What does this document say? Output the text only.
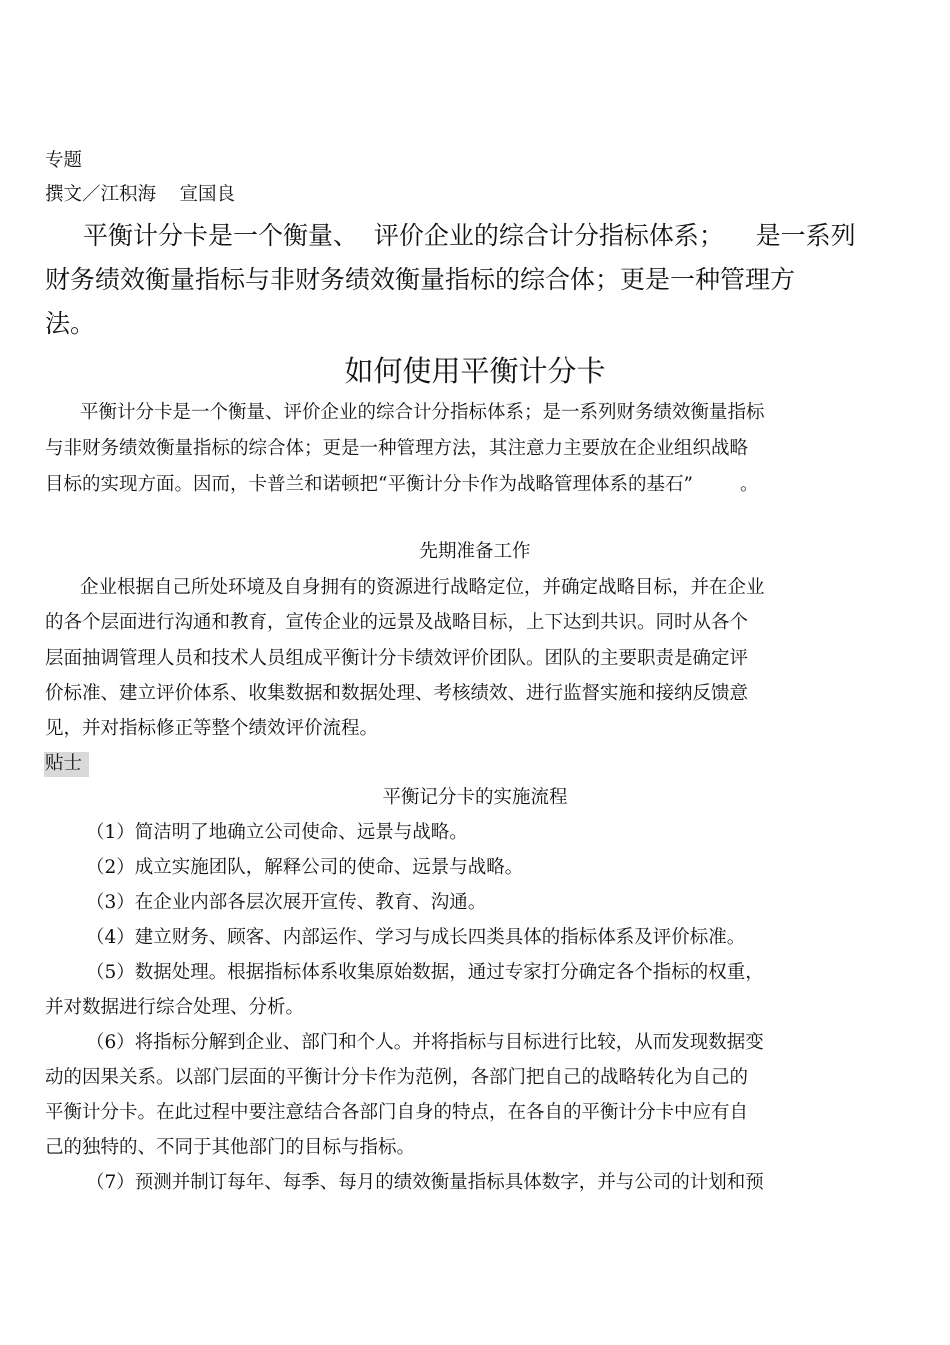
专题
撰文／江积海    宣国良
平衡计分卡是一个衡量、  评价企业的综合计分指标体系；    是一系列
财务绩效衡量指标与非财务绩效衡量指标的综合体；更是一种管理方
法。
如何使用平衡计分卡
平衡计分卡是一个衡量、评价企业的综合计分指标体系；是一系列财务绩效衡量指标
与非财务绩效衡量指标的综合体；更是一种管理方法，其注意力主要放在企业组织战略
目标的实现方面。因而，卡普兰和诺顿把“平衡计分卡作为战略管理体系的基石”        。
先期准备工作
企业根据自己所处环境及自身拥有的资源进行战略定位，并确定战略目标，并在企业
的各个层面进行沟通和教育，宣传企业的远景及战略目标，上下达到共识。同时从各个
层面抽调管理人员和技术人员组成平衡计分卡绩效评价团队。团队的主要职责是确定评
价标准、建立评价体系、收集数据和数据处理、考核绩效、进行监督实施和接纳反馈意
见，并对指标修正等整个绩效评价流程。
贴士
平衡记分卡的实施流程
（1）简洁明了地确立公司使命、远景与战略。
（2）成立实施团队，解释公司的使命、远景与战略。
（3）在企业内部各层次展开宣传、教育、沟通。
（4）建立财务、顾客、内部运作、学习与成长四类具体的指标体系及评价标准。
（5）数据处理。根据指标体系收集原始数据，通过专家打分确定各个指标的权重，
并对数据进行综合处理、分析。
（6）将指标分解到企业、部门和个人。并将指标与目标进行比较，从而发现数据变
动的因果关系。以部门层面的平衡计分卡作为范例，各部门把自己的战略转化为自己的
平衡计分卡。在此过程中要注意结合各部门自身的特点，在各自的平衡计分卡中应有自
己的独特的、不同于其他部门的目标与指标。
（7）预测并制订每年、每季、每月的绩效衡量指标具体数字，并与公司的计划和预
